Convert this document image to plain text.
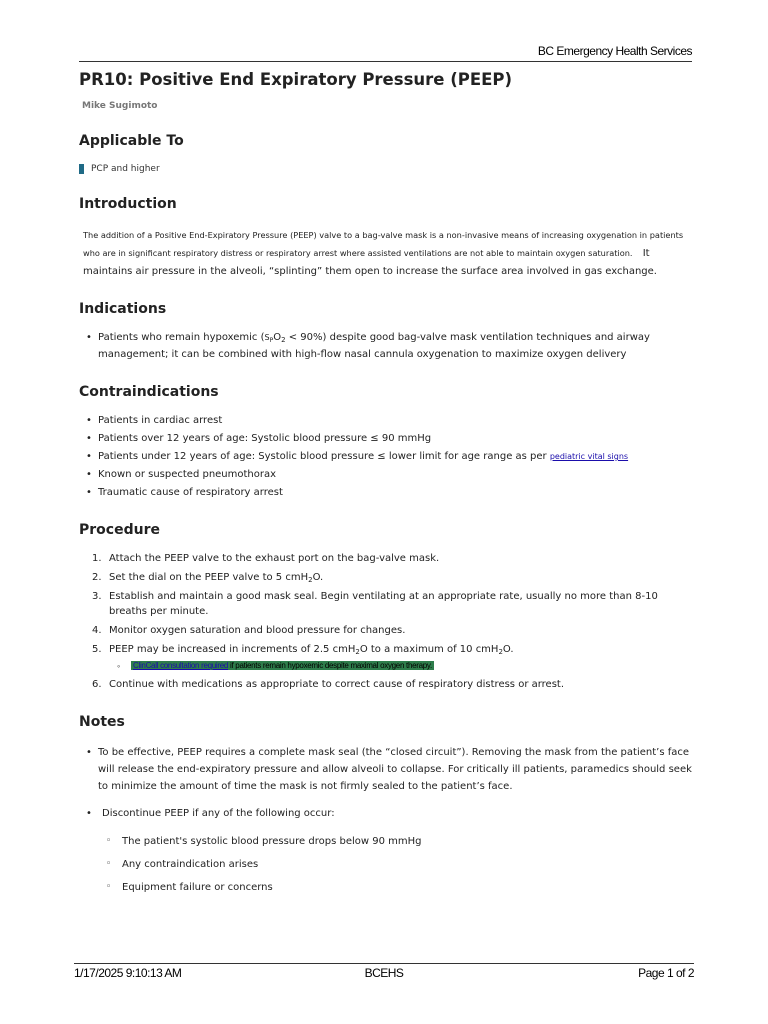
BC Emergency Health Services
PR10: Positive End Expiratory Pressure (PEEP)
Mike Sugimoto
Applicable To
PCP and higher
Introduction
The addition of a Positive End-Expiratory Pressure (PEEP) valve to a bag-valve mask is a non-invasive means of increasing oxygenation in patients who are in significant respiratory distress or respiratory arrest where assisted ventilations are not able to maintain oxygen saturation. It maintains air pressure in the alveoli, “splinting” them open to increase the surface area involved in gas exchange.
Indications
• Patients who remain hypoxemic $(S_PO_2 < 90\%)$ despite good bag-valve mask ventilation techniques and airway management; it can be combined with high-flow nasal cannula oxygenation to maximize oxygen delivery
Contraindications
• Patients in cardiac arrest
• Patients over 12 years of age: Systolic blood pressure ≤ 90 mmHg
• Patients under 12 years of age: Systolic blood pressure ≤ lower limit for age range as per pediatric vital signs
• Known or suspected pneumothorax
• Traumatic cause of respiratory arrest
Procedure
1. Attach the PEEP valve to the exhaust port on the bag-valve mask.
2. Set the dial on the PEEP valve to 5 cmH$_2$O.
3. Establish and maintain a good mask seal. Begin ventilating at an appropriate rate, usually no more than 8-10 breaths per minute.
4. Monitor oxygen saturation and blood pressure for changes.
5. PEEP may be increased in increments of 2.5 cmH$_2$O to a maximum of 10 cmH$_2$O.
◦ ClinCall consultation required if patients remain hypoxemic despite maximal oxygen therapy.
6. Continue with medications as appropriate to correct cause of respiratory distress or arrest.
Notes
• To be effective, PEEP requires a complete mask seal (the “closed circuit”). Removing the mask from the patient’s face will release the end-expiratory pressure and allow alveoli to collapse. For critically ill patients, paramedics should seek to minimize the amount of time the mask is not firmly sealed to the patient’s face.
• Discontinue PEEP if any of the following occur:
◦ The patient's systolic blood pressure drops below 90 mmHg
◦ Any contraindication arises
◦ Equipment failure or concerns
1/17/2025 9:10:13 AM	BCEHS	Page 1 of 2
